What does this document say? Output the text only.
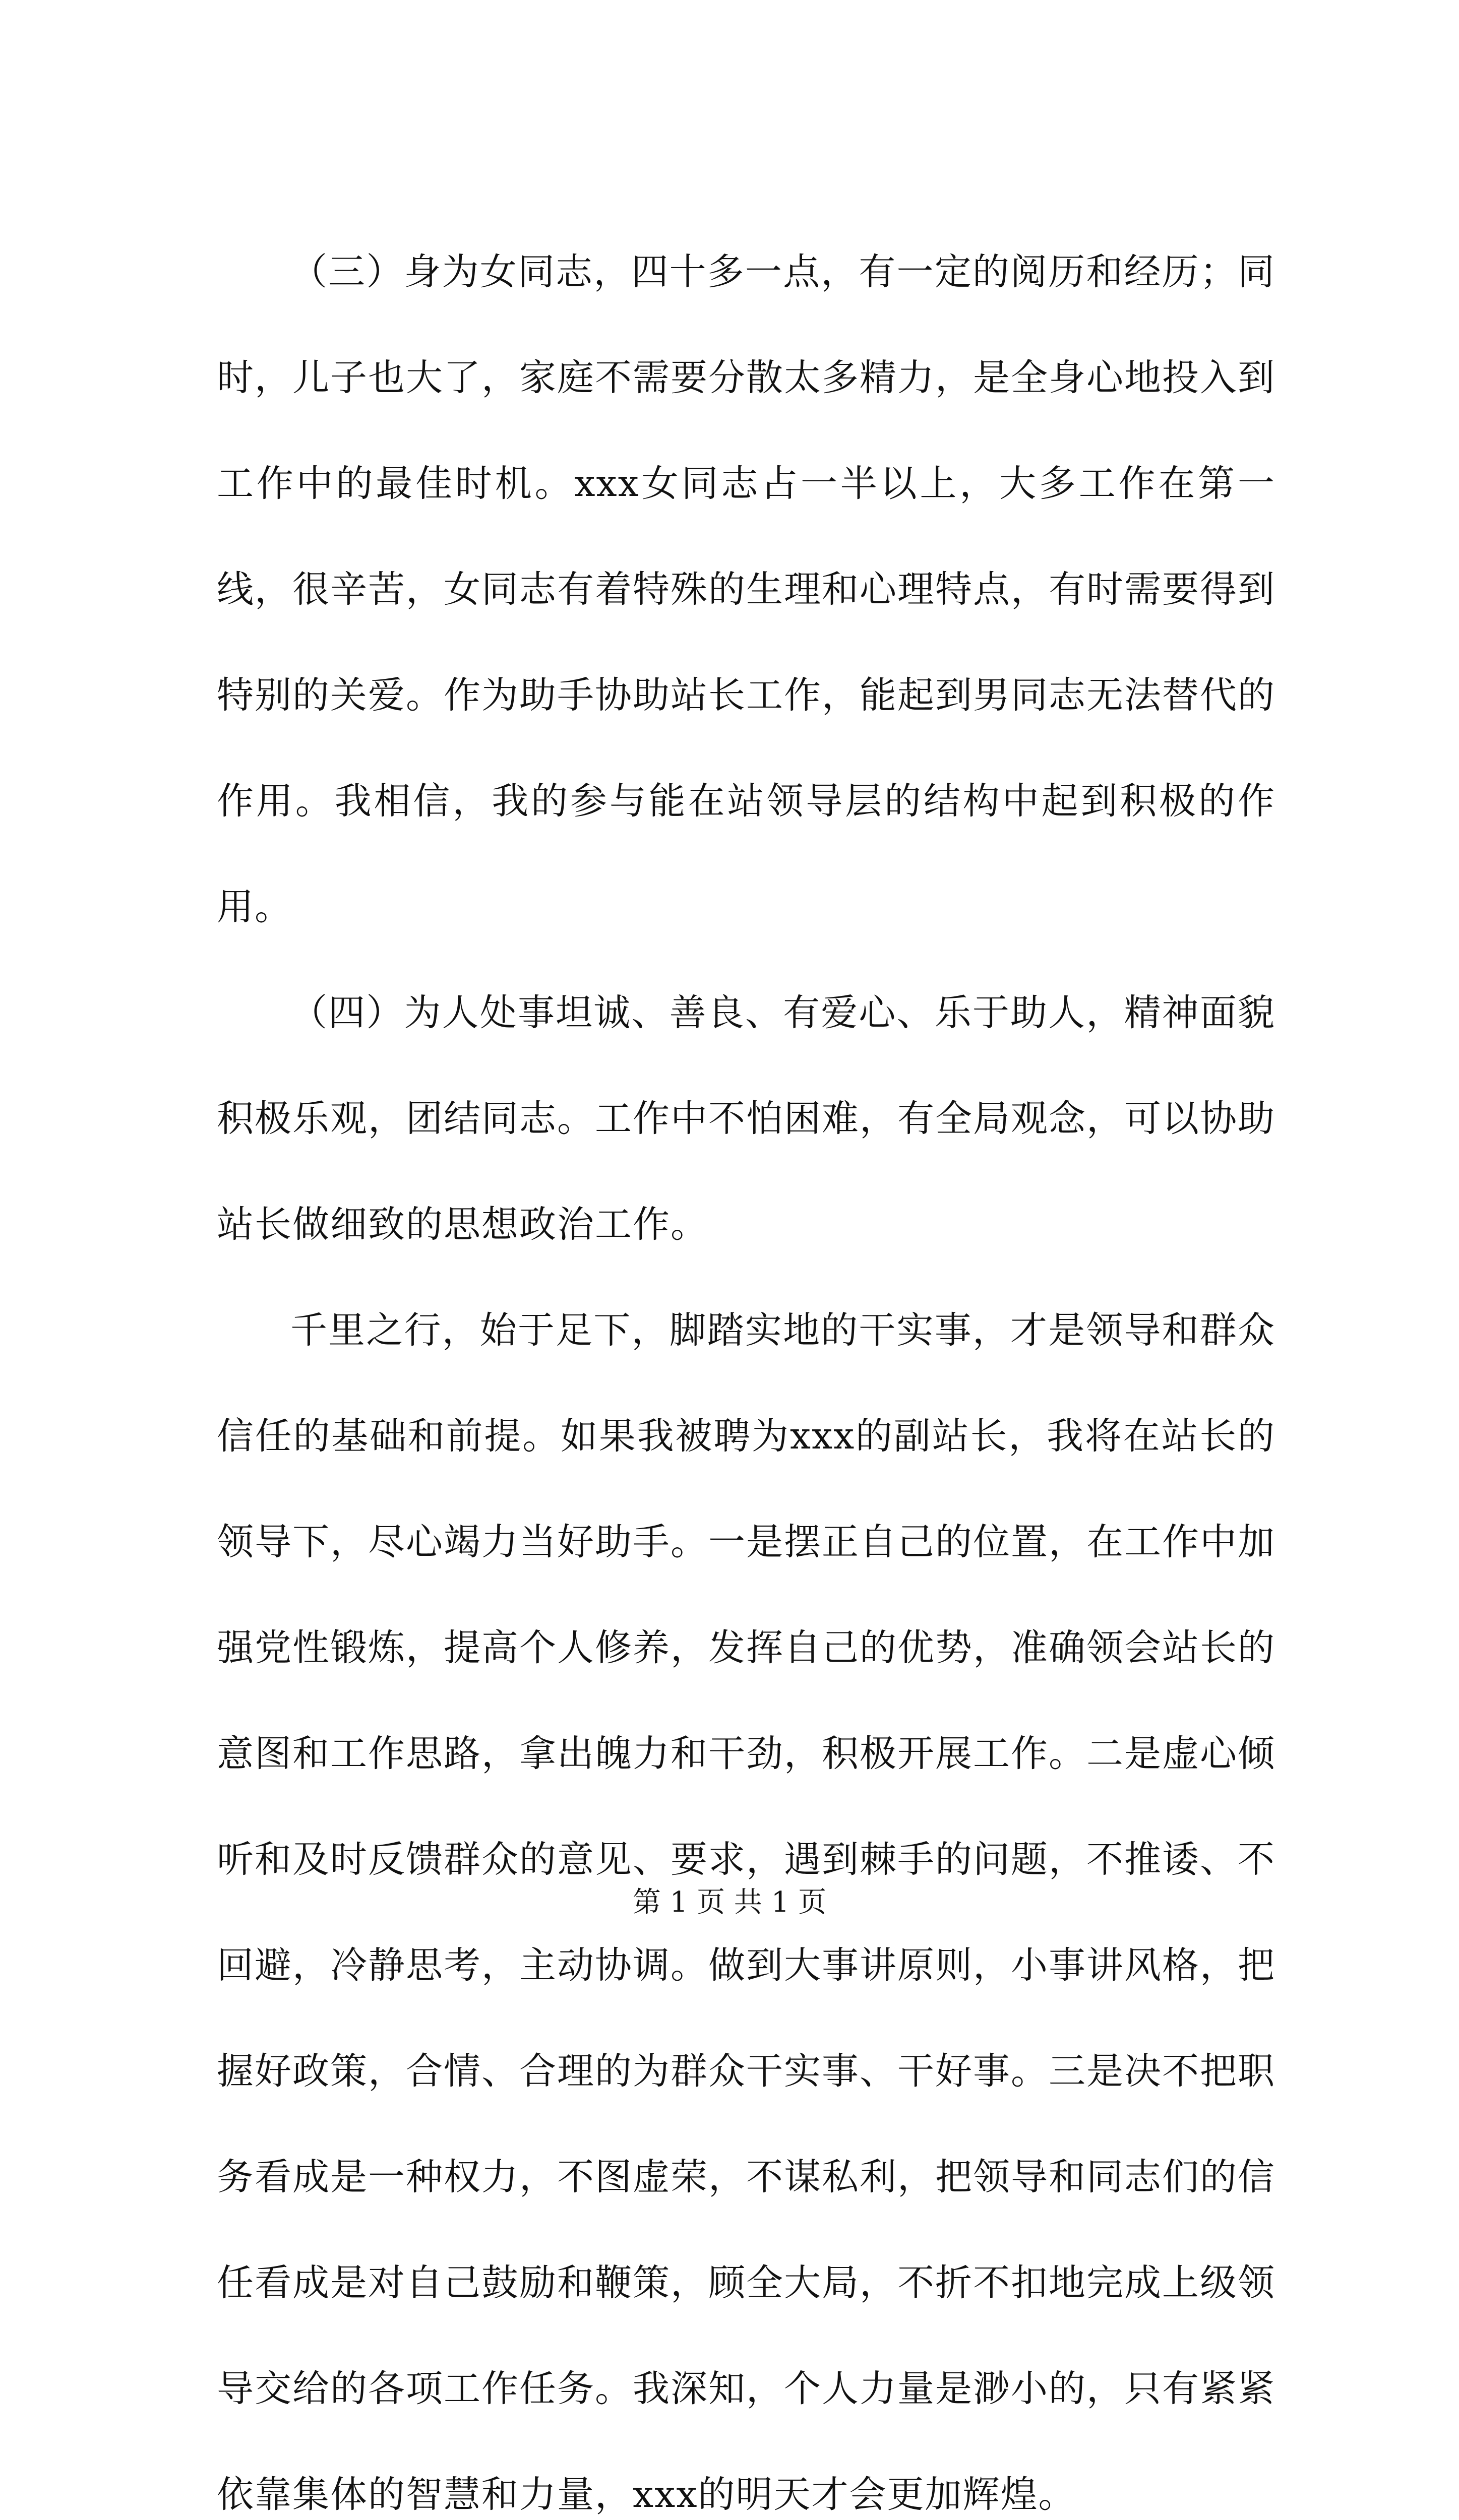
（三）身为女同志，四十多一点，有一定的阅历和经历；同时，儿子也大了，家庭不需要分散太多精力，是全身心地投入到工作中的最佳时机。xxx女同志占一半以上，大多工作在第一线，很辛苦，女同志有着特殊的生理和心理特点，有时需要得到特别的关爱。作为助手协助站长工作，能起到男同志无法替代的作用。我相信，我的参与能在站领导层的结构中起到积极的作用。

（四）为人处事坦诚、善良、有爱心、乐于助人，精神面貌积极乐观，团结同志。工作中不怕困难，有全局观念，可以协助站长做细致的思想政治工作。

千里之行，始于足下，脚踏实地的干实事，才是领导和群众信任的基础和前提。如果我被聘为xxx的副站长，我将在站长的领导下，尽心竭力当好助手。一是摆正自己的位置，在工作中加强党性锻炼，提高个人修养，发挥自己的优势，准确领会站长的意图和工作思路，拿出魄力和干劲，积极开展工作。二是虚心倾听和及时反馈群众的意见、要求，遇到棘手的问题，不推诿、不回避，冷静思考，主动协调。做到大事讲原则，小事讲风格，把握好政策，合情、合理的为群众干实事、干好事。三是决不把职务看成是一种权力，不图虚荣，不谋私利，把领导和同志们的信任看成是对自己鼓励和鞭策，顾全大局，不折不扣地完成上级领导交给的各项工作任务。我深知，个人力量是渺小的，只有紧紧依靠集体的智慧和力量，xxx的明天才会更加辉煌。

第 1 页 共 1 页
